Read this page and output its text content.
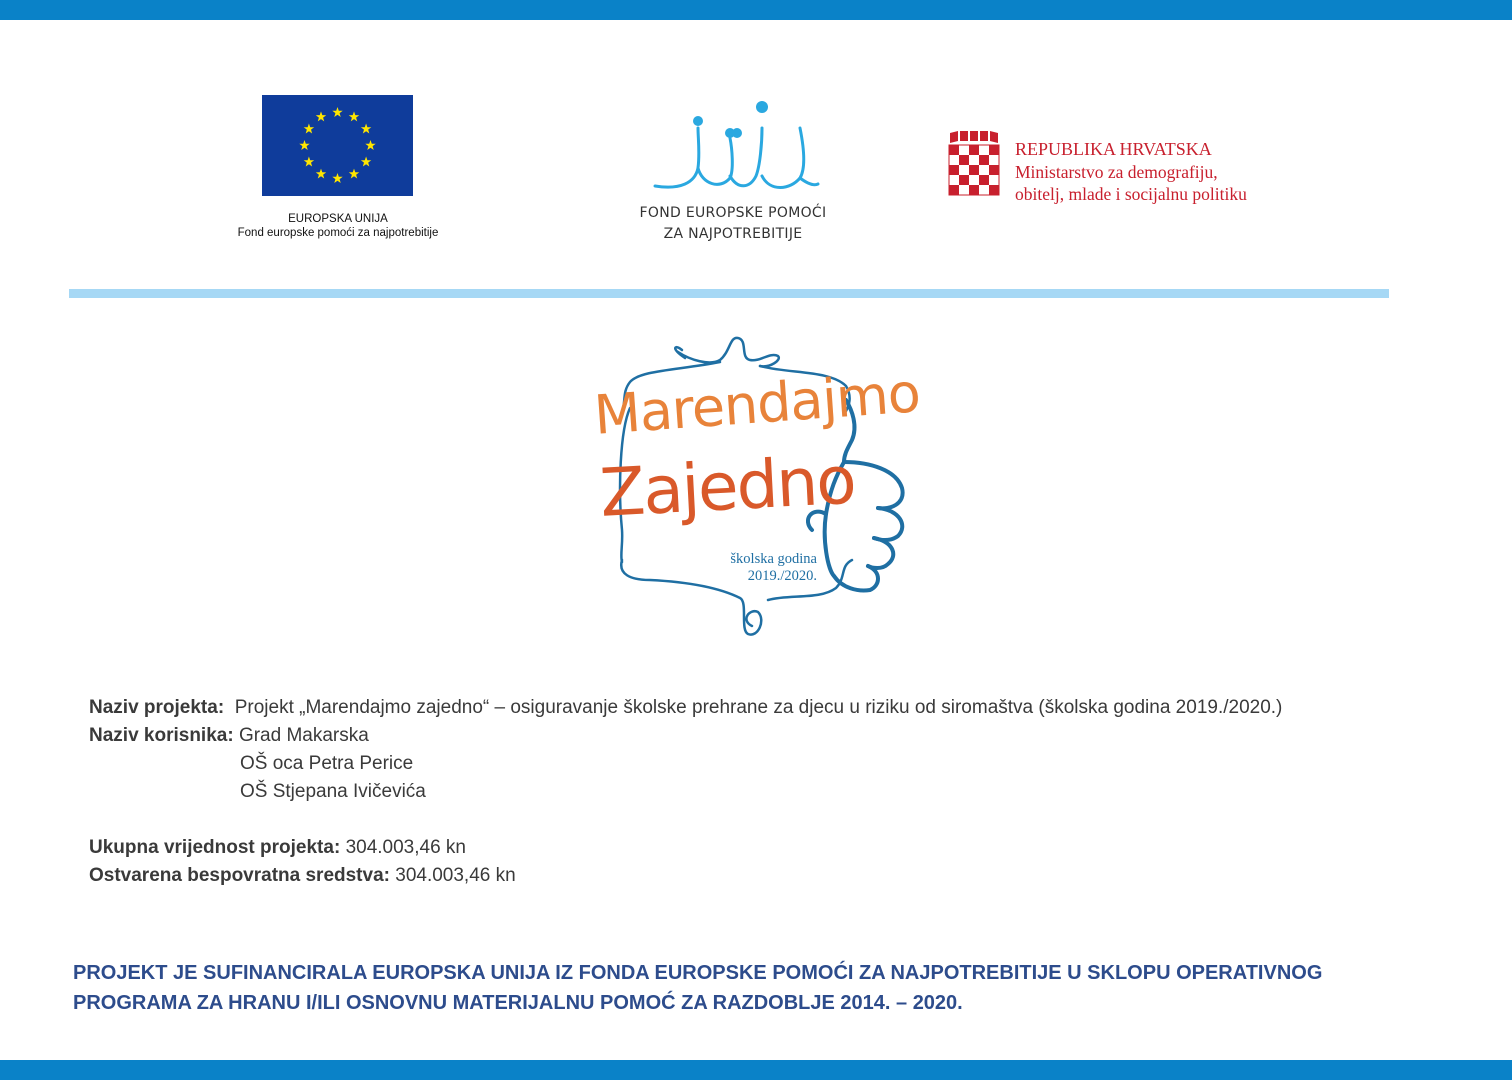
EUROPSKA UNIJA
Fond europske pomoći za najpotrebitije
FOND EUROPSKE POMOĆI
ZA NAJPOTREBITIJE
REPUBLIKA HRVATSKA
Ministarstvo za demografiju,
obitelj, mlade i socijalnu politiku
Marendajmo
Zajedno
školska godina
2019./2020.
Naziv projekta: Projekt „Marendajmo zajedno“ – osiguravanje školske prehrane za djecu u riziku od siromaštva (školska godina 2019./2020.)
Naziv korisnika: Grad Makarska
OŠ oca Petra Perice
OŠ Stjepana Ivičevića
Ukupna vrijednost projekta: 304.003,46 kn
Ostvarena bespovratna sredstva: 304.003,46 kn
PROJEKT JE SUFINANCIRALA EUROPSKA UNIJA IZ FONDA EUROPSKE POMOĆI ZA NAJPOTREBITIJE U SKLOPU OPERATIVNOG PROGRAMA ZA HRANU I/ILI OSNOVNU MATERIJALNU POMOĆ ZA RAZDOBLJE 2014. – 2020.
